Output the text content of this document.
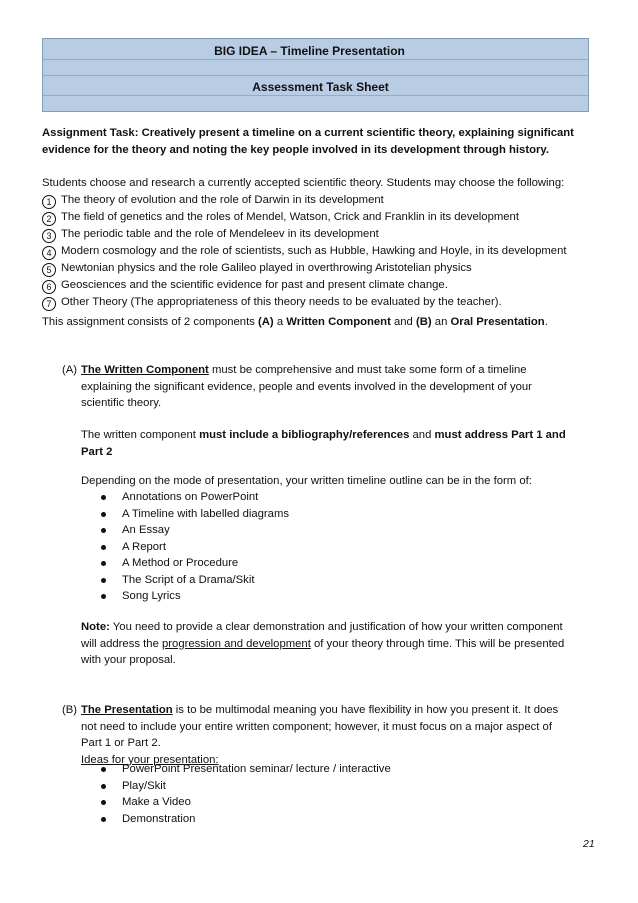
BIG IDEA – Timeline Presentation
Assessment Task Sheet
Assignment Task: Creatively present a timeline on a current scientific theory, explaining significant
evidence for the theory and noting the key people involved in its development through history.
Students choose and research a currently accepted scientific theory. Students may choose the following:
1 The theory of evolution and the role of Darwin in its development
2 The field of genetics and the roles of Mendel, Watson, Crick and Franklin in its development
3 The periodic table and the role of Mendeleev in its development
4 Modern cosmology and the role of scientists, such as Hubble, Hawking and Hoyle, in its development
5 Newtonian physics and the role Galileo played in overthrowing Aristotelian physics
6 Geosciences and the scientific evidence for past and present climate change.
7 Other Theory (The appropriateness of this theory needs to be evaluated by the teacher).
This assignment consists of 2 components (A) a Written Component and (B) an Oral Presentation.
(A) The Written Component must be comprehensive and must take some form of a timeline
explaining the significant evidence, people and events involved in the development of your
scientific theory.
The written component must include a bibliography/references and must address Part 1 and
Part 2
Depending on the mode of presentation, your written timeline outline can be in the form of:
Annotations on PowerPoint
A Timeline with labelled diagrams
An Essay
A Report
A Method or Procedure
The Script of a Drama/Skit
Song Lyrics
Note: You need to provide a clear demonstration and justification of how your written component
will address the progression and development of your theory through time. This will be presented
with your proposal.
(B) The Presentation is to be multimodal meaning you have flexibility in how you present it. It does
not need to include your entire written component; however, it must focus on a major aspect of
Part 1 or Part 2.
Ideas for your presentation:
PowerPoint Presentation seminar/ lecture / interactive
Play/Skit
Make a Video
Demonstration
21
